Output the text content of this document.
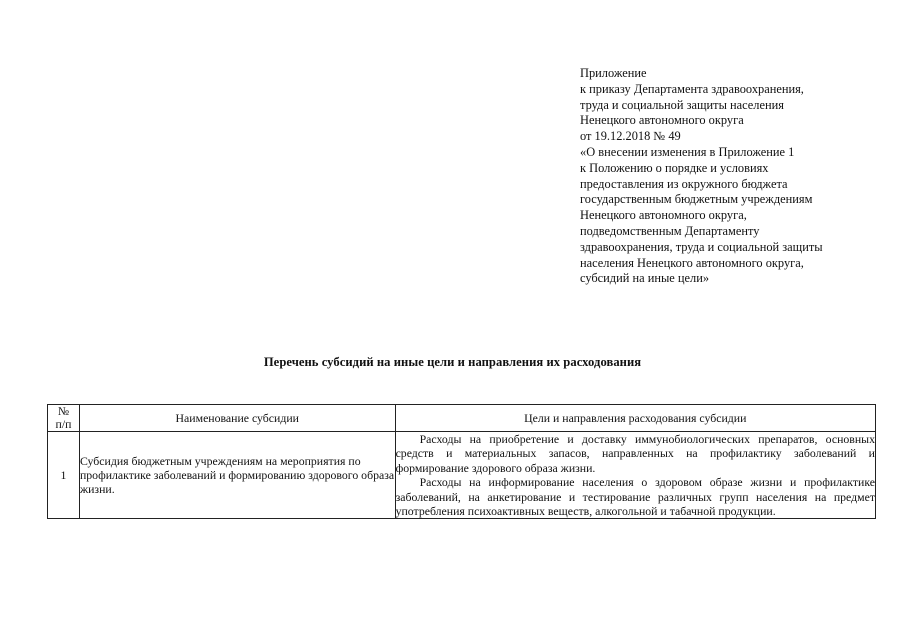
Приложение
к приказу Департамента здравоохранения,
труда и социальной защиты населения
Ненецкого автономного округа
от 19.12.2018 № 49
«О внесении изменения в Приложение 1
к Положению о порядке и условиях
предоставления из окружного бюджета
государственным бюджетным учреждениям
Ненецкого автономного округа,
подведомственным Департаменту
здравоохранения, труда и социальной защиты
населения Ненецкого автономного округа,
субсидий на иные цели»
Перечень субсидий на иные цели и направления их расходования
№
п/п	Наименование субсидии	Цели и направления расходования субсидии
1	Субсидия бюджетным учреждениям на мероприятия по профилактике заболеваний и формированию здорового образа жизни.	Расходы на приобретение и доставку иммунобиологических препаратов, основных средств и материальных запасов, направленных на профилактику заболеваний и формирование здорового образа жизни.

Расходы на информирование населения о здоровом образе жизни и профилактике заболеваний, на анкетирование и тестирование различных групп населения на предмет употребления психоактивных веществ, алкогольной и табачной продукции.
